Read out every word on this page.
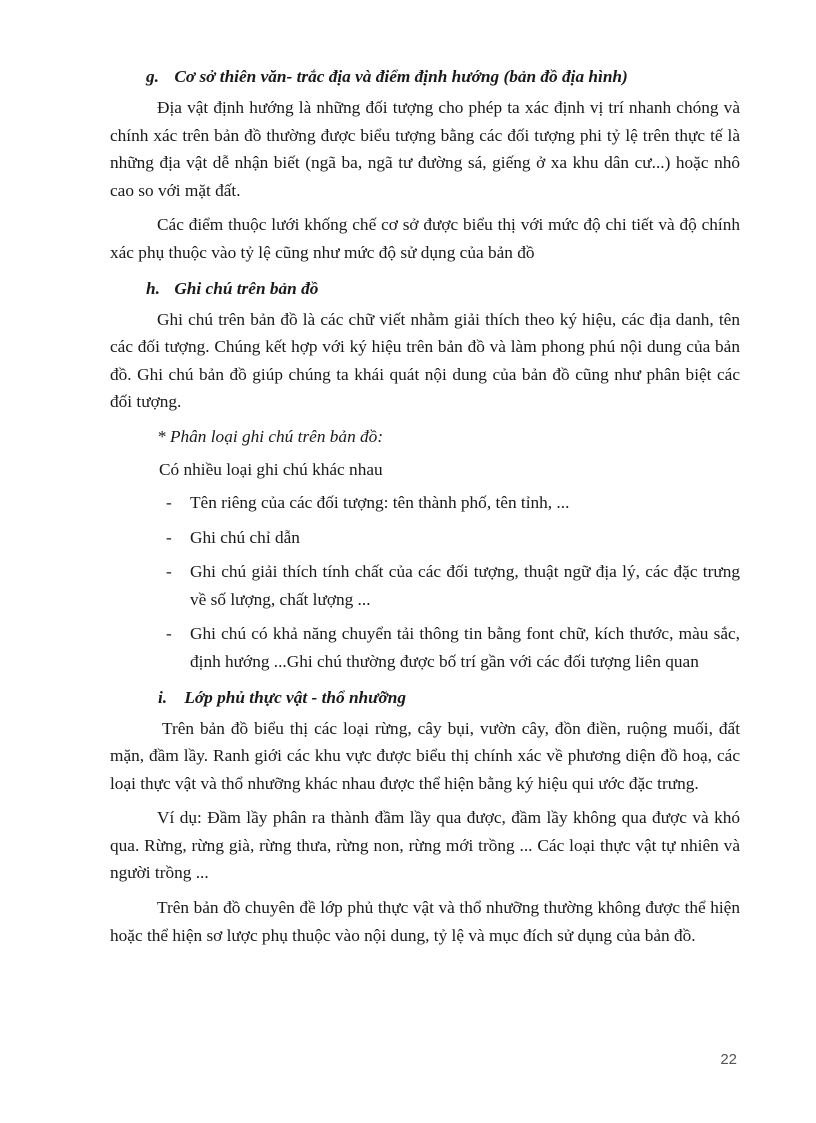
g. Cơ sở thiên văn- trắc địa và điểm định hướng (bản đồ địa hình)

Địa vật định hướng là những đối tượng cho phép ta xác định vị trí nhanh chóng và chính xác trên bản đồ thường được biểu tượng bằng các đối tượng phi tỷ lệ trên thực tế là những địa vật dễ nhận biết (ngã ba, ngã tư đường sá, giếng ở xa khu dân cư...) hoặc nhô cao so với mặt đất.

Các điểm thuộc lưới khống chế cơ sở được biểu thị với mức độ chi tiết và độ chính xác phụ thuộc vào tỷ lệ cũng như mức độ sử dụng của bản đồ

h. Ghi chú trên bản đồ

Ghi chú trên bản đồ là các chữ viết nhằm giải thích theo ký hiệu, các địa danh, tên các đối tượng. Chúng kết hợp với ký hiệu trên bản đồ và làm phong phú nội dung của bản đồ. Ghi chú bản đồ giúp chúng ta khái quát nội dung của bản đồ cũng như phân biệt các đối tượng.

* Phân loại ghi chú trên bản đồ:

Có nhiều loại ghi chú khác nhau

- Tên riêng của các đối tượng: tên thành phố, tên tỉnh, ...
- Ghi chú chỉ dẫn
- Ghi chú giải thích tính chất của các đối tượng, thuật ngữ địa lý, các đặc trưng về số lượng, chất lượng ...
- Ghi chú có khả năng chuyển tải thông tin bằng font chữ, kích thước, màu sắc, định hướng ...Ghi chú thường được bố trí gần với các đối tượng liên quan
i. Lớp phủ thực vật - thổ nhưỡng

Trên bản đồ biểu thị các loại rừng, cây bụi, vườn cây, đồn điền, ruộng muối, đất mặn, đầm lầy. Ranh giới các khu vực được biểu thị chính xác về phương diện đồ hoạ, các loại thực vật và thổ nhưỡng khác nhau được thể hiện bằng ký hiệu qui ước đặc trưng.

Ví dụ: Đầm lầy phân ra thành đầm lầy qua được, đầm lầy không qua được và khó qua. Rừng, rừng già, rừng thưa, rừng non, rừng mới trồng ... Các loại thực vật tự nhiên và người trồng ...

Trên bản đồ chuyên đề lớp phủ thực vật và thổ nhưỡng thường không được thể hiện hoặc thể hiện sơ lược phụ thuộc vào nội dung, tỷ lệ và mục đích sử dụng của bản đồ.

22
